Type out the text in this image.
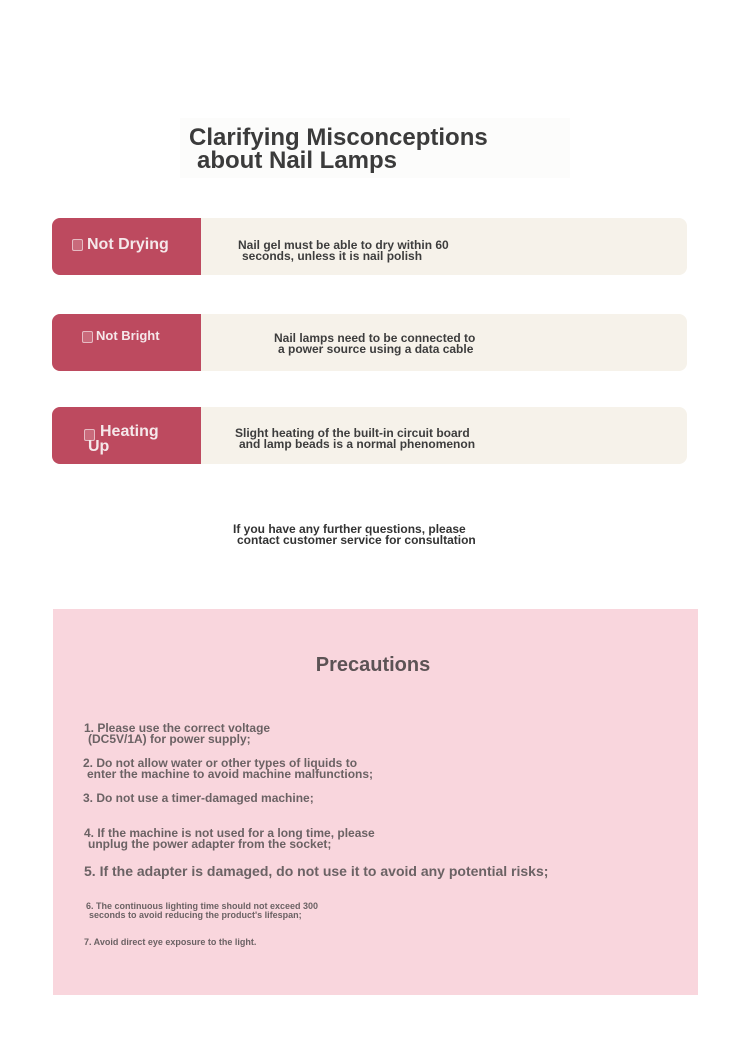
Clarifying Misconceptions
about Nail Lamps
Not Drying	Nail gel must be able to dry within 60
seconds, unless it is nail polish
Not Bright	Nail lamps need to be connected to
a power source using a data cable
Heating
Up
Slight heating of the built-in circuit board
and lamp beads is a normal phenomenon
If you have any further questions, please
contact customer service for consultation
Precautions
1. Please use the correct voltage
(DC5V/1A) for power supply;
2. Do not allow water or other types of liquids to
enter the machine to avoid machine malfunctions;
3. Do not use a timer-damaged machine;
4. If the machine is not used for a long time, please
unplug the power adapter from the socket;
5. If the adapter is damaged, do not use it to avoid any potential risks;
6. The continuous lighting time should not exceed 300
seconds to avoid reducing the product's lifespan;
7. Avoid direct eye exposure to the light.
